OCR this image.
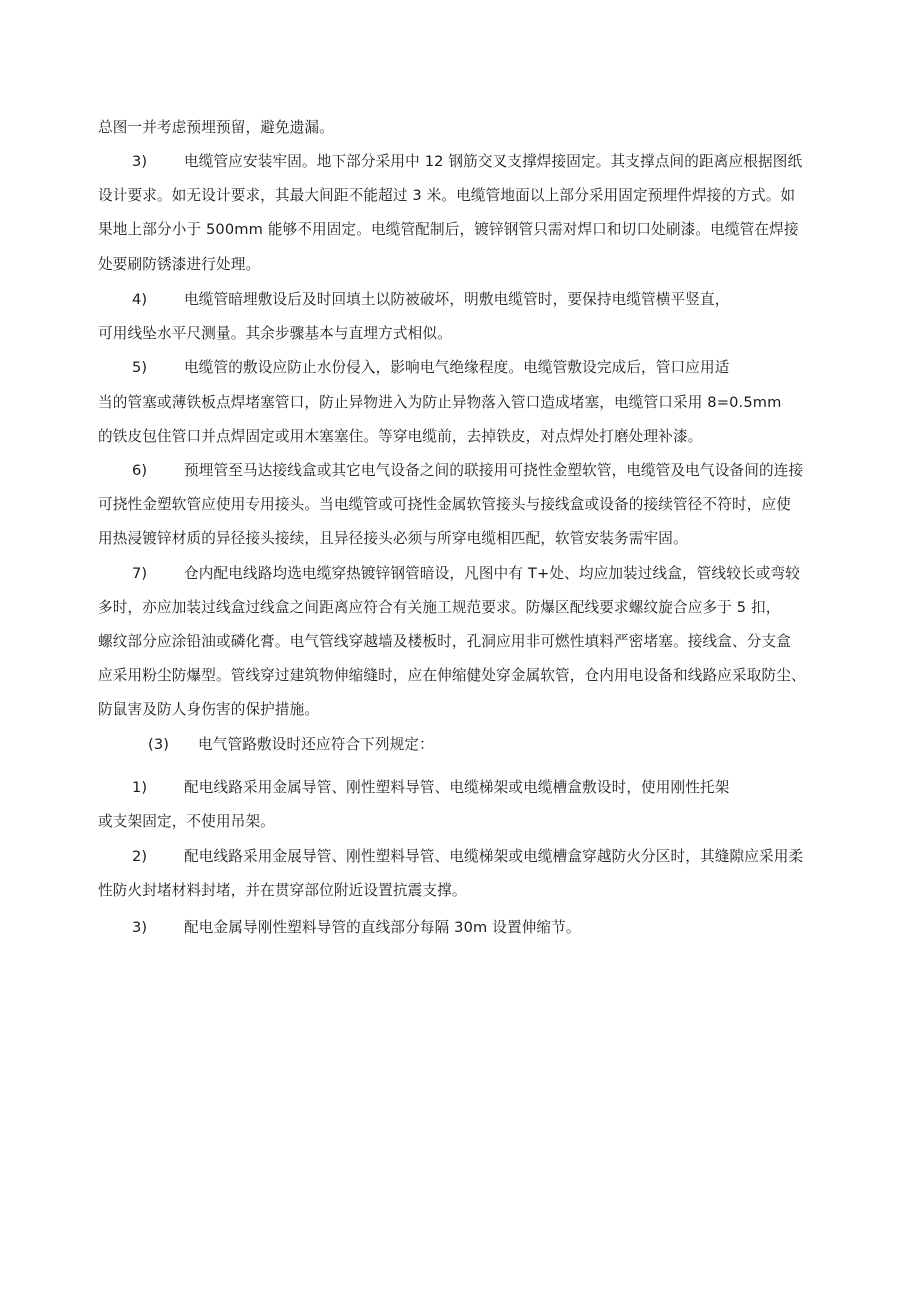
总图一并考虑预埋预留，避免遗漏。
3)	电缆管应安装牢固。地下部分采用中 12 钢筋交叉支撑焊接固定。其支撑点间的距离应根据图纸
设计要求。如无设计要求，其最大间距不能超过 3 米。电缆管地面以上部分采用固定预埋件焊接的方式。如
果地上部分小于 500mm 能够不用固定。电缆管配制后，镀锌钢管只需对焊口和切口处刷漆。电缆管在焊接
处要刷防锈漆进行处理。
4)	电缆管暗埋敷设后及时回填土以防被破坏，明敷电缆管时，要保持电缆管横平竖直，
可用线坠水平尺测量。其余步骤基本与直埋方式相似。
5)	电缆管的敷设应防止水份侵入，影响电气绝缘程度。电缆管敷设完成后，管口应用适
当的管塞或薄铁板点焊堵塞管口，防止异物进入为防止异物落入管口造成堵塞，电缆管口采用 8=0.5mm
的铁皮包住管口并点焊固定或用木塞塞住。等穿电缆前，去掉铁皮，对点焊处打磨处理补漆。
6)	预埋管至马达接线盒或其它电气设备之间的联接用可挠性金塑软管，电缆管及电气设备间的连接
可挠性金塑软管应使用专用接头。当电缆管或可挠性金属软管接头与接线盒或设备的接续管径不符时，应使
用热浸镀锌材质的异径接头接续，且异径接头必须与所穿电缆相匹配，软管安装务需牢固。
7)	仓内配电线路均选电缆穿热镀锌钢管暗设，凡图中有 T+处、均应加装过线盒，管线较长或弯较
多时，亦应加装过线盒过线盒之间距离应符合有关施工规范要求。防爆区配线要求螺纹旋合应多于 5 扣，
螺纹部分应涂铅油或磷化膏。电气管线穿越墙及楼板时，孔洞应用非可燃性填料严密堵塞。接线盒、分支盒
应采用粉尘防爆型。管线穿过建筑物伸缩缝时，应在伸缩健处穿金属软管，仓内用电设备和线路应采取防尘、
防鼠害及防人身伤害的保护措施。
(3) 电气管路敷设时还应符合下列规定：
1)	配电线路采用金属导管、刚性塑料导管、电缆梯架或电缆槽盒敷设时，使用刚性托架
或支架固定，不使用吊架。
2)	配电线路采用金展导管、刚性塑料导管、电缆梯架或电缆槽盒穿越防火分区时，其缝隙应采用柔
性防火封堵材料封堵，并在贯穿部位附近设置抗震支撑。
3)	配电金属导刚性塑料导管的直线部分每隔 30m 设置伸缩节。
